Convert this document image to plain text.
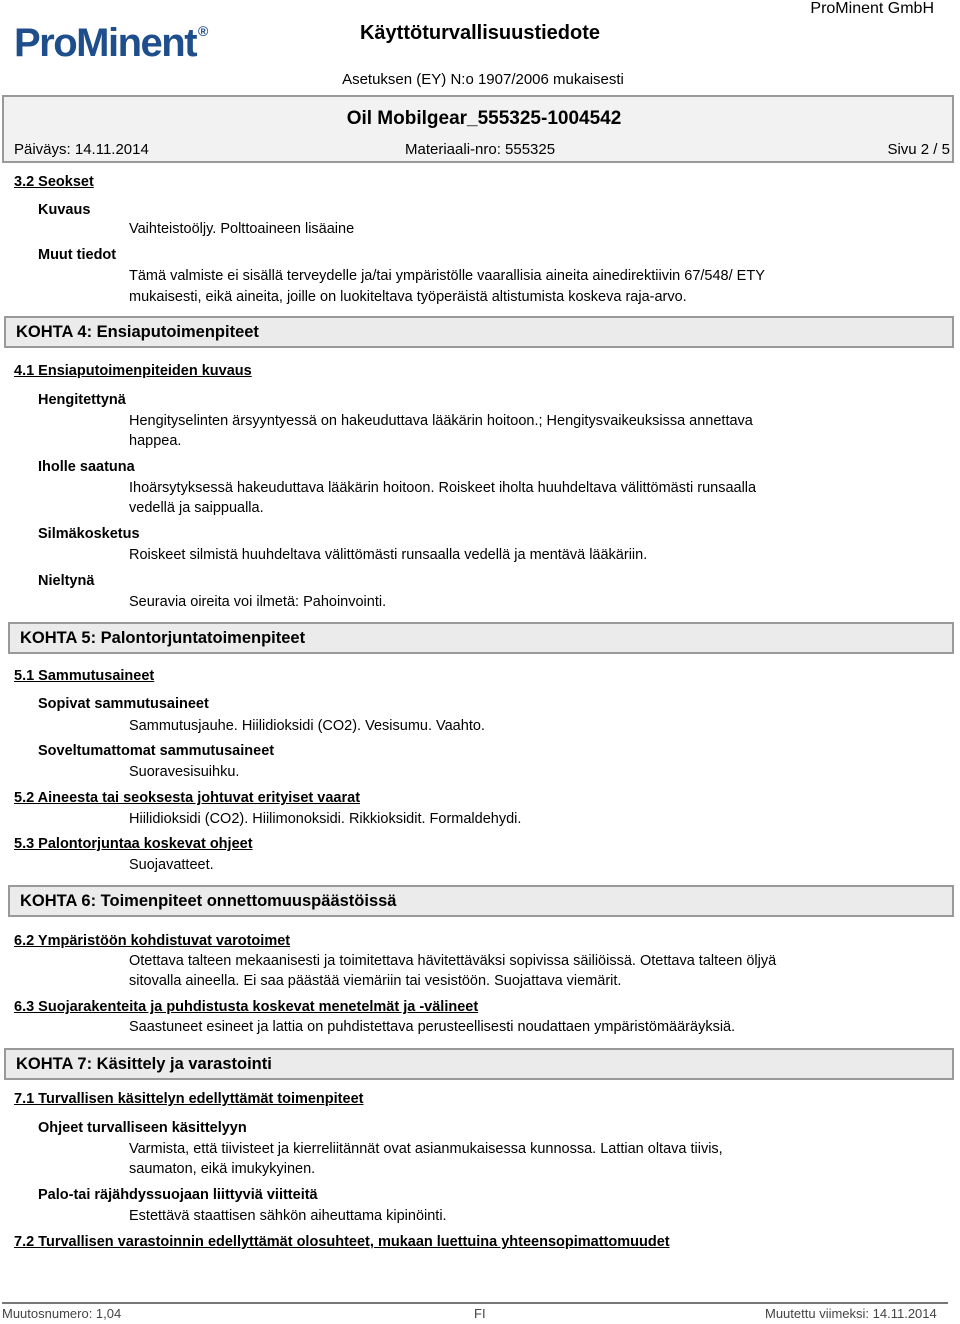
ProMinent ®
ProMinent GmbH
Käyttöturvallisuustiedote
Asetuksen (EY) N:o 1907/2006 mukaisesti
Oil Mobilgear_555325-1004542
Päiväys: 14.11.2014	Materiaali-nro: 555325	Sivu 2 / 5
3.2 Seokset
Kuvaus
Vaihteistoöljy. Polttoaineen lisäaine
Muut tiedot
Tämä valmiste ei sisällä terveydelle ja/tai ympäristölle vaarallisia aineita ainedirektiivin 67/548/ ETY
mukaisesti, eikä aineita, joille on luokiteltava työperäistä altistumista koskeva raja-arvo.
KOHTA 4: Ensiaputoimenpiteet
4.1 Ensiaputoimenpiteiden kuvaus
Hengitettynä
Hengityselinten ärsyyntyessä on hakeuduttava lääkärin hoitoon.; Hengitysvaikeuksissa annettava
happea.
Iholle saatuna
Ihoärsytyksessä hakeuduttava lääkärin hoitoon. Roiskeet iholta huuhdeltava välittömästi runsaalla
vedellä ja saippualla.
Silmäkosketus
Roiskeet silmistä huuhdeltava välittömästi runsaalla vedellä ja mentävä lääkäriin.
Nieltynä
Seuravia oireita voi ilmetä: Pahoinvointi.
KOHTA 5: Palontorjuntatoimenpiteet
5.1 Sammutusaineet
Sopivat sammutusaineet
Sammutusjauhe. Hiilidioksidi (CO2). Vesisumu. Vaahto.
Soveltumattomat sammutusaineet
Suoravesisuihku.
5.2 Aineesta tai seoksesta johtuvat erityiset vaarat
Hiilidioksidi (CO2). Hiilimonoksidi. Rikkioksidit. Formaldehydi.
5.3 Palontorjuntaa koskevat ohjeet
Suojavatteet.
KOHTA 6: Toimenpiteet onnettomuuspäästöissä
6.2 Ympäristöön kohdistuvat varotoimet
Otettava talteen mekaanisesti ja toimitettava hävitettäväksi sopivissa säiliöissä. Otettava talteen öljyä
sitovalla aineella. Ei saa päästää viemäriin tai vesistöön. Suojattava viemärit.
6.3 Suojarakenteita ja puhdistusta koskevat menetelmät ja -välineet
Saastuneet esineet ja lattia on puhdistettava perusteellisesti noudattaen ympäristömääräyksiä.
KOHTA 7: Käsittely ja varastointi
7.1 Turvallisen käsittelyn edellyttämät toimenpiteet
Ohjeet turvalliseen käsittelyyn
Varmista, että tiivisteet ja kierreliitännät ovat asianmukaisessa kunnossa. Lattian oltava tiivis,
saumaton, eikä imukykyinen.
Palo-tai räjähdyssuojaan liittyviä viitteitä
Estettävä staattisen sähkön aiheuttama kipinöinti.
7.2 Turvallisen varastoinnin edellyttämät olosuhteet, mukaan luettuina yhteensopimattomuudet
Muutosnumero: 1,04	FI	Muutettu viimeksi: 14.11.2014
